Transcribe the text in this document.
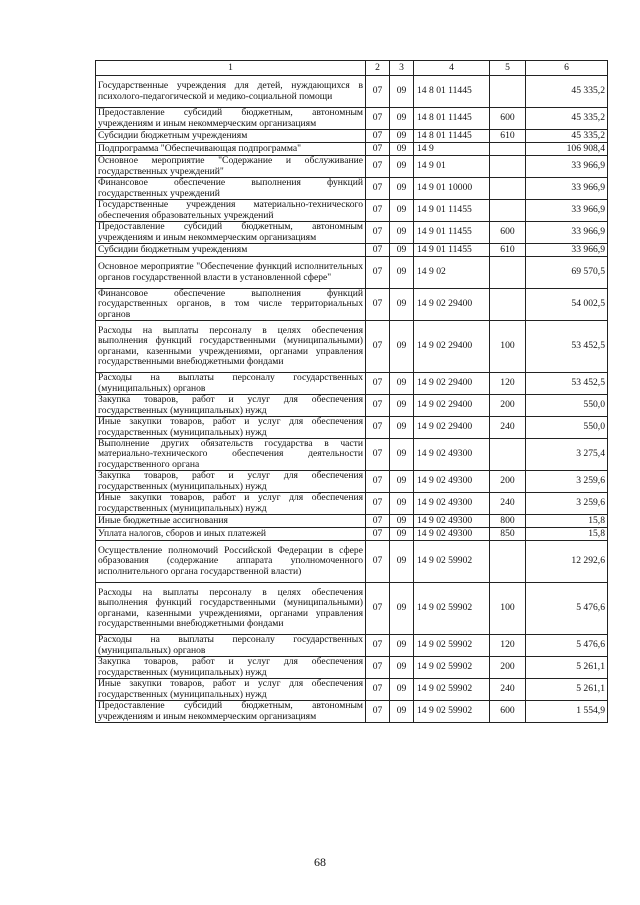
1	2	3	4	5	6
Государственные учреждения для детей, нуждающихся в психолого-педагогической и медико-социальной помощи	07	09	14 8 01 11445		45 335,2
Предоставление субсидий бюджетным, автономным учреждениям и иным некоммерческим организациям	07	09	14 8 01 11445	600	45 335,2
Субсидии бюджетным учреждениям	07	09	14 8 01 11445	610	45 335,2
Подпрограмма "Обеспечивающая подпрограмма"	07	09	14 9		106 908,4
Основное мероприятие "Содержание и обслуживание государственных учреждений"	07	09	14 9 01		33 966,9
Финансовое обеспечение выполнения функций государственных учреждений	07	09	14 9 01 10000		33 966,9
Государственные учреждения материально-технического обеспечения образовательных учреждений	07	09	14 9 01 11455		33 966,9
Предоставление субсидий бюджетным, автономным учреждениям и иным некоммерческим организациям	07	09	14 9 01 11455	600	33 966,9
Субсидии бюджетным учреждениям	07	09	14 9 01 11455	610	33 966,9
Основное мероприятие "Обеспечение функций исполнительных органов государственной власти в установленной сфере"	07	09	14 9 02		69 570,5
Финансовое обеспечение выполнения функций государственных органов, в том числе территориальных органов	07	09	14 9 02 29400		54 002,5
Расходы на выплаты персоналу в целях обеспечения выполнения функций государственными (муниципальными) органами, казенными учреждениями, органами управления государственными внебюджетными фондами	07	09	14 9 02 29400	100	53 452,5
Расходы на выплаты персоналу государственных (муниципальных) органов	07	09	14 9 02 29400	120	53 452,5
Закупка товаров, работ и услуг для обеспечения государственных (муниципальных) нужд	07	09	14 9 02 29400	200	550,0
Иные закупки товаров, работ и услуг для обеспечения государственных (муниципальных) нужд	07	09	14 9 02 29400	240	550,0
Выполнение других обязательств государства в части материально-технического обеспечения деятельности государственного органа	07	09	14 9 02 49300		3 275,4
Закупка товаров, работ и услуг для обеспечения государственных (муниципальных) нужд	07	09	14 9 02 49300	200	3 259,6
Иные закупки товаров, работ и услуг для обеспечения государственных (муниципальных) нужд	07	09	14 9 02 49300	240	3 259,6
Иные бюджетные ассигнования	07	09	14 9 02 49300	800	15,8
Уплата налогов, сборов и иных платежей	07	09	14 9 02 49300	850	15,8
Осуществление полномочий Российской Федерации в сфере образования (содержание аппарата уполномоченного исполнительного органа государственной власти)	07	09	14 9 02 59902		12 292,6
Расходы на выплаты персоналу в целях обеспечения выполнения функций государственными (муниципальными) органами, казенными учреждениями, органами управления государственными внебюджетными фондами	07	09	14 9 02 59902	100	5 476,6
Расходы на выплаты персоналу государственных (муниципальных) органов	07	09	14 9 02 59902	120	5 476,6
Закупка товаров, работ и услуг для обеспечения государственных (муниципальных) нужд	07	09	14 9 02 59902	200	5 261,1
Иные закупки товаров, работ и услуг для обеспечения государственных (муниципальных) нужд	07	09	14 9 02 59902	240	5 261,1
Предоставление субсидий бюджетным, автономным учреждениям и иным некоммерческим организациям	07	09	14 9 02 59902	600	1 554,9
68
